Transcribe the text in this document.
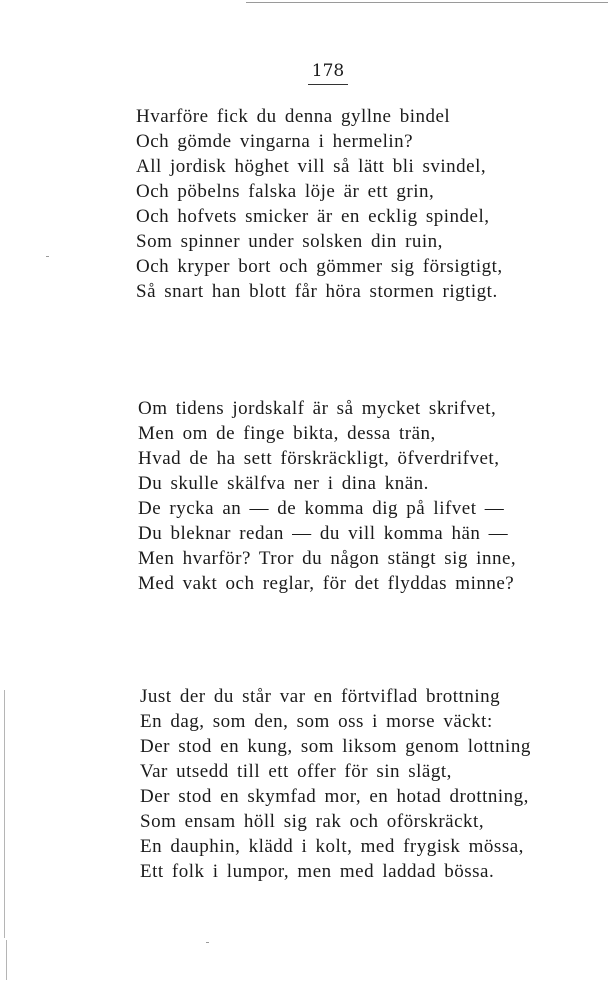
178
Hvarföre fick du denna gyllne bindel
Och gömde vingarna i hermelin?
All jordisk höghet vill så lätt bli svindel,
Och pöbelns falska löje är ett grin,
Och hofvets smicker är en ecklig spindel,
Som spinner under solsken din ruin,
Och kryper bort och gömmer sig försigtigt,
Så snart han blott får höra stormen rigtigt.
Om tidens jordskalf är så mycket skrifvet,
Men om de finge bikta, dessa trän,
Hvad de ha sett förskräckligt, öfverdrifvet,
Du skulle skälfva ner i dina knän.
De rycka an — de komma dig på lifvet —
Du bleknar redan — du vill komma hän —
Men hvarför? Tror du någon stängt sig inne,
Med vakt och reglar, för det flyddas minne?
Just der du står var en förtviflad brottning
En dag, som den, som oss i morse väckt:
Der stod en kung, som liksom genom lottning
Var utsedd till ett offer för sin slägt,
Der stod en skymfad mor, en hotad drottning,
Som ensam höll sig rak och oförskräckt,
En dauphin, klädd i kolt, med frygisk mössa,
Ett folk i lumpor, men med laddad bössa.
